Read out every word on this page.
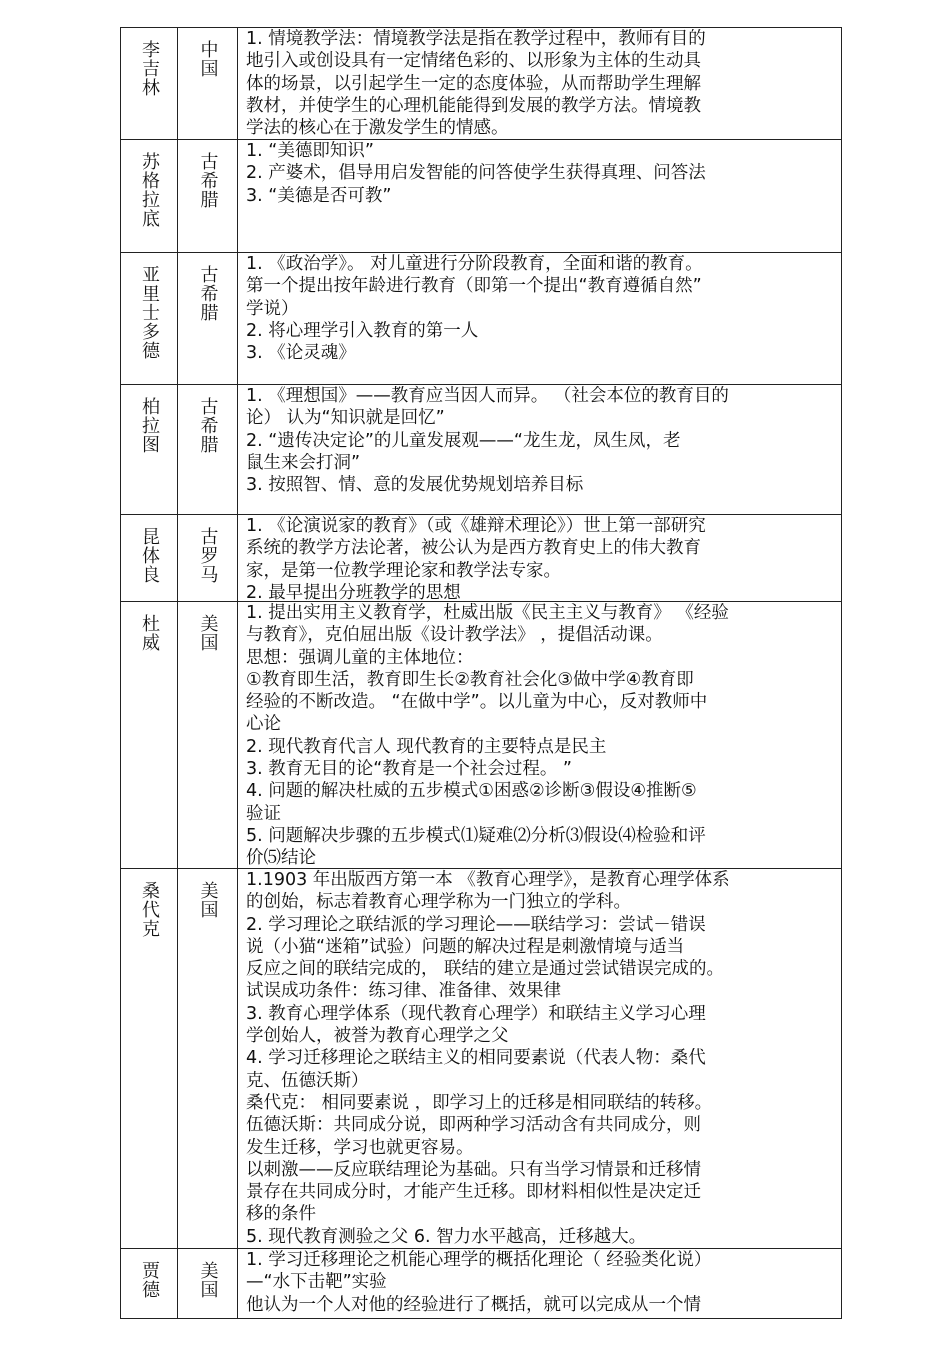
李吉林 中国
1. 情境教学法：情境教学法是指在教学过程中，教师有目的
地引入或创设具有一定情绪色彩的、以形象为主体的生动具
体的场景，以引起学生一定的态度体验，从而帮助学生理解
教材，并使学生的心理机能能得到发展的教学方法。情境教
学法的核心在于激发学生的情感。
苏格拉底 古希腊
1. “美德即知识”
2. 产婆术，倡导用启发智能的问答使学生获得真理、问答法
3. “美德是否可教”
亚里士多德 古希腊
1. 《政治学》。 对儿童进行分阶段教育，全面和谐的教育。
第一个提出按年龄进行教育（即第一个提出“教育遵循自然”
学说）
2. 将心理学引入教育的第一人
3. 《论灵魂》
柏拉图 古希腊
1. 《理想国》——教育应当因人而异。 （社会本位的教育目的
论） 认为“知识就是回忆”
2. “遗传决定论”的儿童发展观——“龙生龙，凤生凤，老
鼠生来会打洞”
3. 按照智、情、意的发展优势规划培养目标
昆体良 古罗马
1. 《论演说家的教育》（或《雄辩术理论》）世上第一部研究
系统的教学方法论著，被公认为是西方教育史上的伟大教育
家，是第一位教学理论家和教学法专家。
2. 最早提出分班教学的思想
杜威 美国
1. 提出实用主义教育学，杜威出版《民主主义与教育》 《经验
与教育》，克伯屈出版《设计教学法》 ，提倡活动课。
思想：强调儿童的主体地位：
①教育即生活，教育即生长②教育社会化③做中学④教育即
经验的不断改造。 “在做中学”。以儿童为中心，反对教师中
心论
2. 现代教育代言人 现代教育的主要特点是民主
3. 教育无目的论“教育是一个社会过程。 ”
4. 问题的解决杜威的五步模式①困惑②诊断③假设④推断⑤
验证
5. 问题解决步骤的五步模式⑴疑难⑵分析⑶假设⑷检验和评
价⑸结论
桑代克 美国
1.1903 年出版西方第一本 《教育心理学》，是教育心理学体系
的创始，标志着教育心理学称为一门独立的学科。
2. 学习理论之联结派的学习理论——联结学习：尝试－错误
说（小猫“迷箱”试验）问题的解决过程是刺激情境与适当
反应之间的联结完成的， 联结的建立是通过尝试错误完成的。
试误成功条件：练习律、准备律、效果律
3. 教育心理学体系（现代教育心理学）和联结主义学习心理
学创始人，被誉为教育心理学之父
4. 学习迁移理论之联结主义的相同要素说（代表人物：桑代
克、伍德沃斯）
桑代克： 相同要素说 ，即学习上的迁移是相同联结的转移。
伍德沃斯：共同成分说，即两种学习活动含有共同成分，则
发生迁移，学习也就更容易。
以刺激——反应联结理论为基础。只有当学习情景和迁移情
景存在共同成分时，才能产生迁移。即材料相似性是决定迁
移的条件
5. 现代教育测验之父 6. 智力水平越高，迁移越大。
贾德 美国
1. 学习迁移理论之机能心理学的概括化理论（ 经验类化说）
—“水下击靶”实验
他认为一个人对他的经验进行了概括，就可以完成从一个情
